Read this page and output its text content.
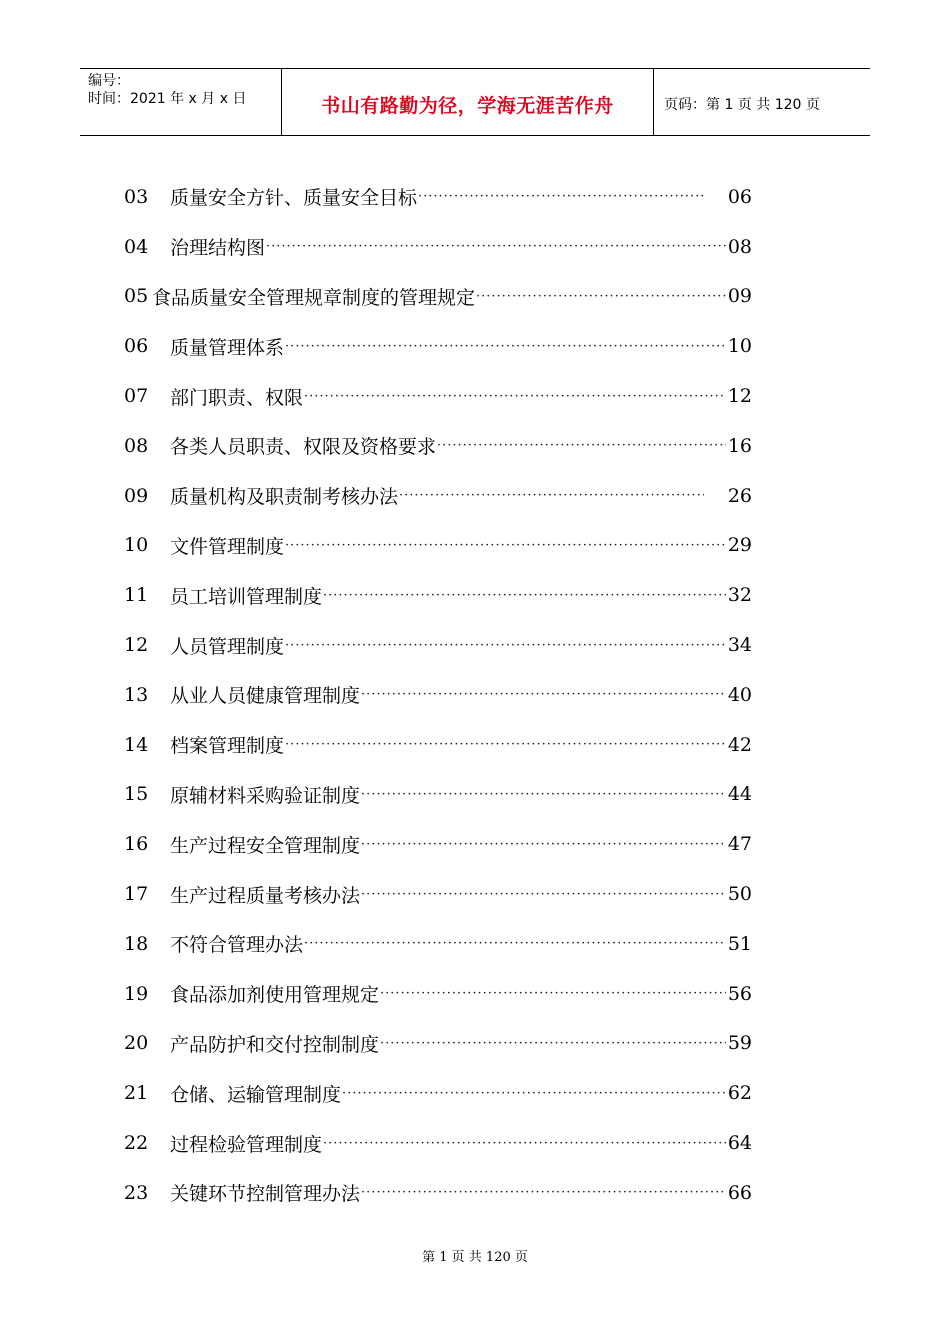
编号：
时间：2021 年 x 月 x 日	书山有路勤为径，学海无涯苦作舟	页码：第 1 页 共 120 页
03	质量安全方针、质量安全目标 ·····	06
04	治理结构图 ·····	08
05 食品质量安全管理规章制度的管理规定 ·····	09
06	质量管理体系 ·····	10
07	部门职责、权限 ·····	12
08	各类人员职责、权限及资格要求 ·····	16
09	质量机构及职责制考核办法 ·····	26
10	文件管理制度 ·····	29
11	员工培训管理制度 ·····	32
12	人员管理制度 ·····	34
13	从业人员健康管理制度 ·····	40
14	档案管理制度 ·····	42
15	原辅材料采购验证制度 ·····	44
16	生产过程安全管理制度 ·····	47
17	生产过程质量考核办法 ·····	50
18	不符合管理办法 ·····	51
19	食品添加剂使用管理规定 ·····	56
20	产品防护和交付控制制度 ·····	59
21	仓储、运输管理制度 ·····	62
22	过程检验管理制度 ·····	64
23	关键环节控制管理办法 ·····	66
第 1 页 共 120 页
